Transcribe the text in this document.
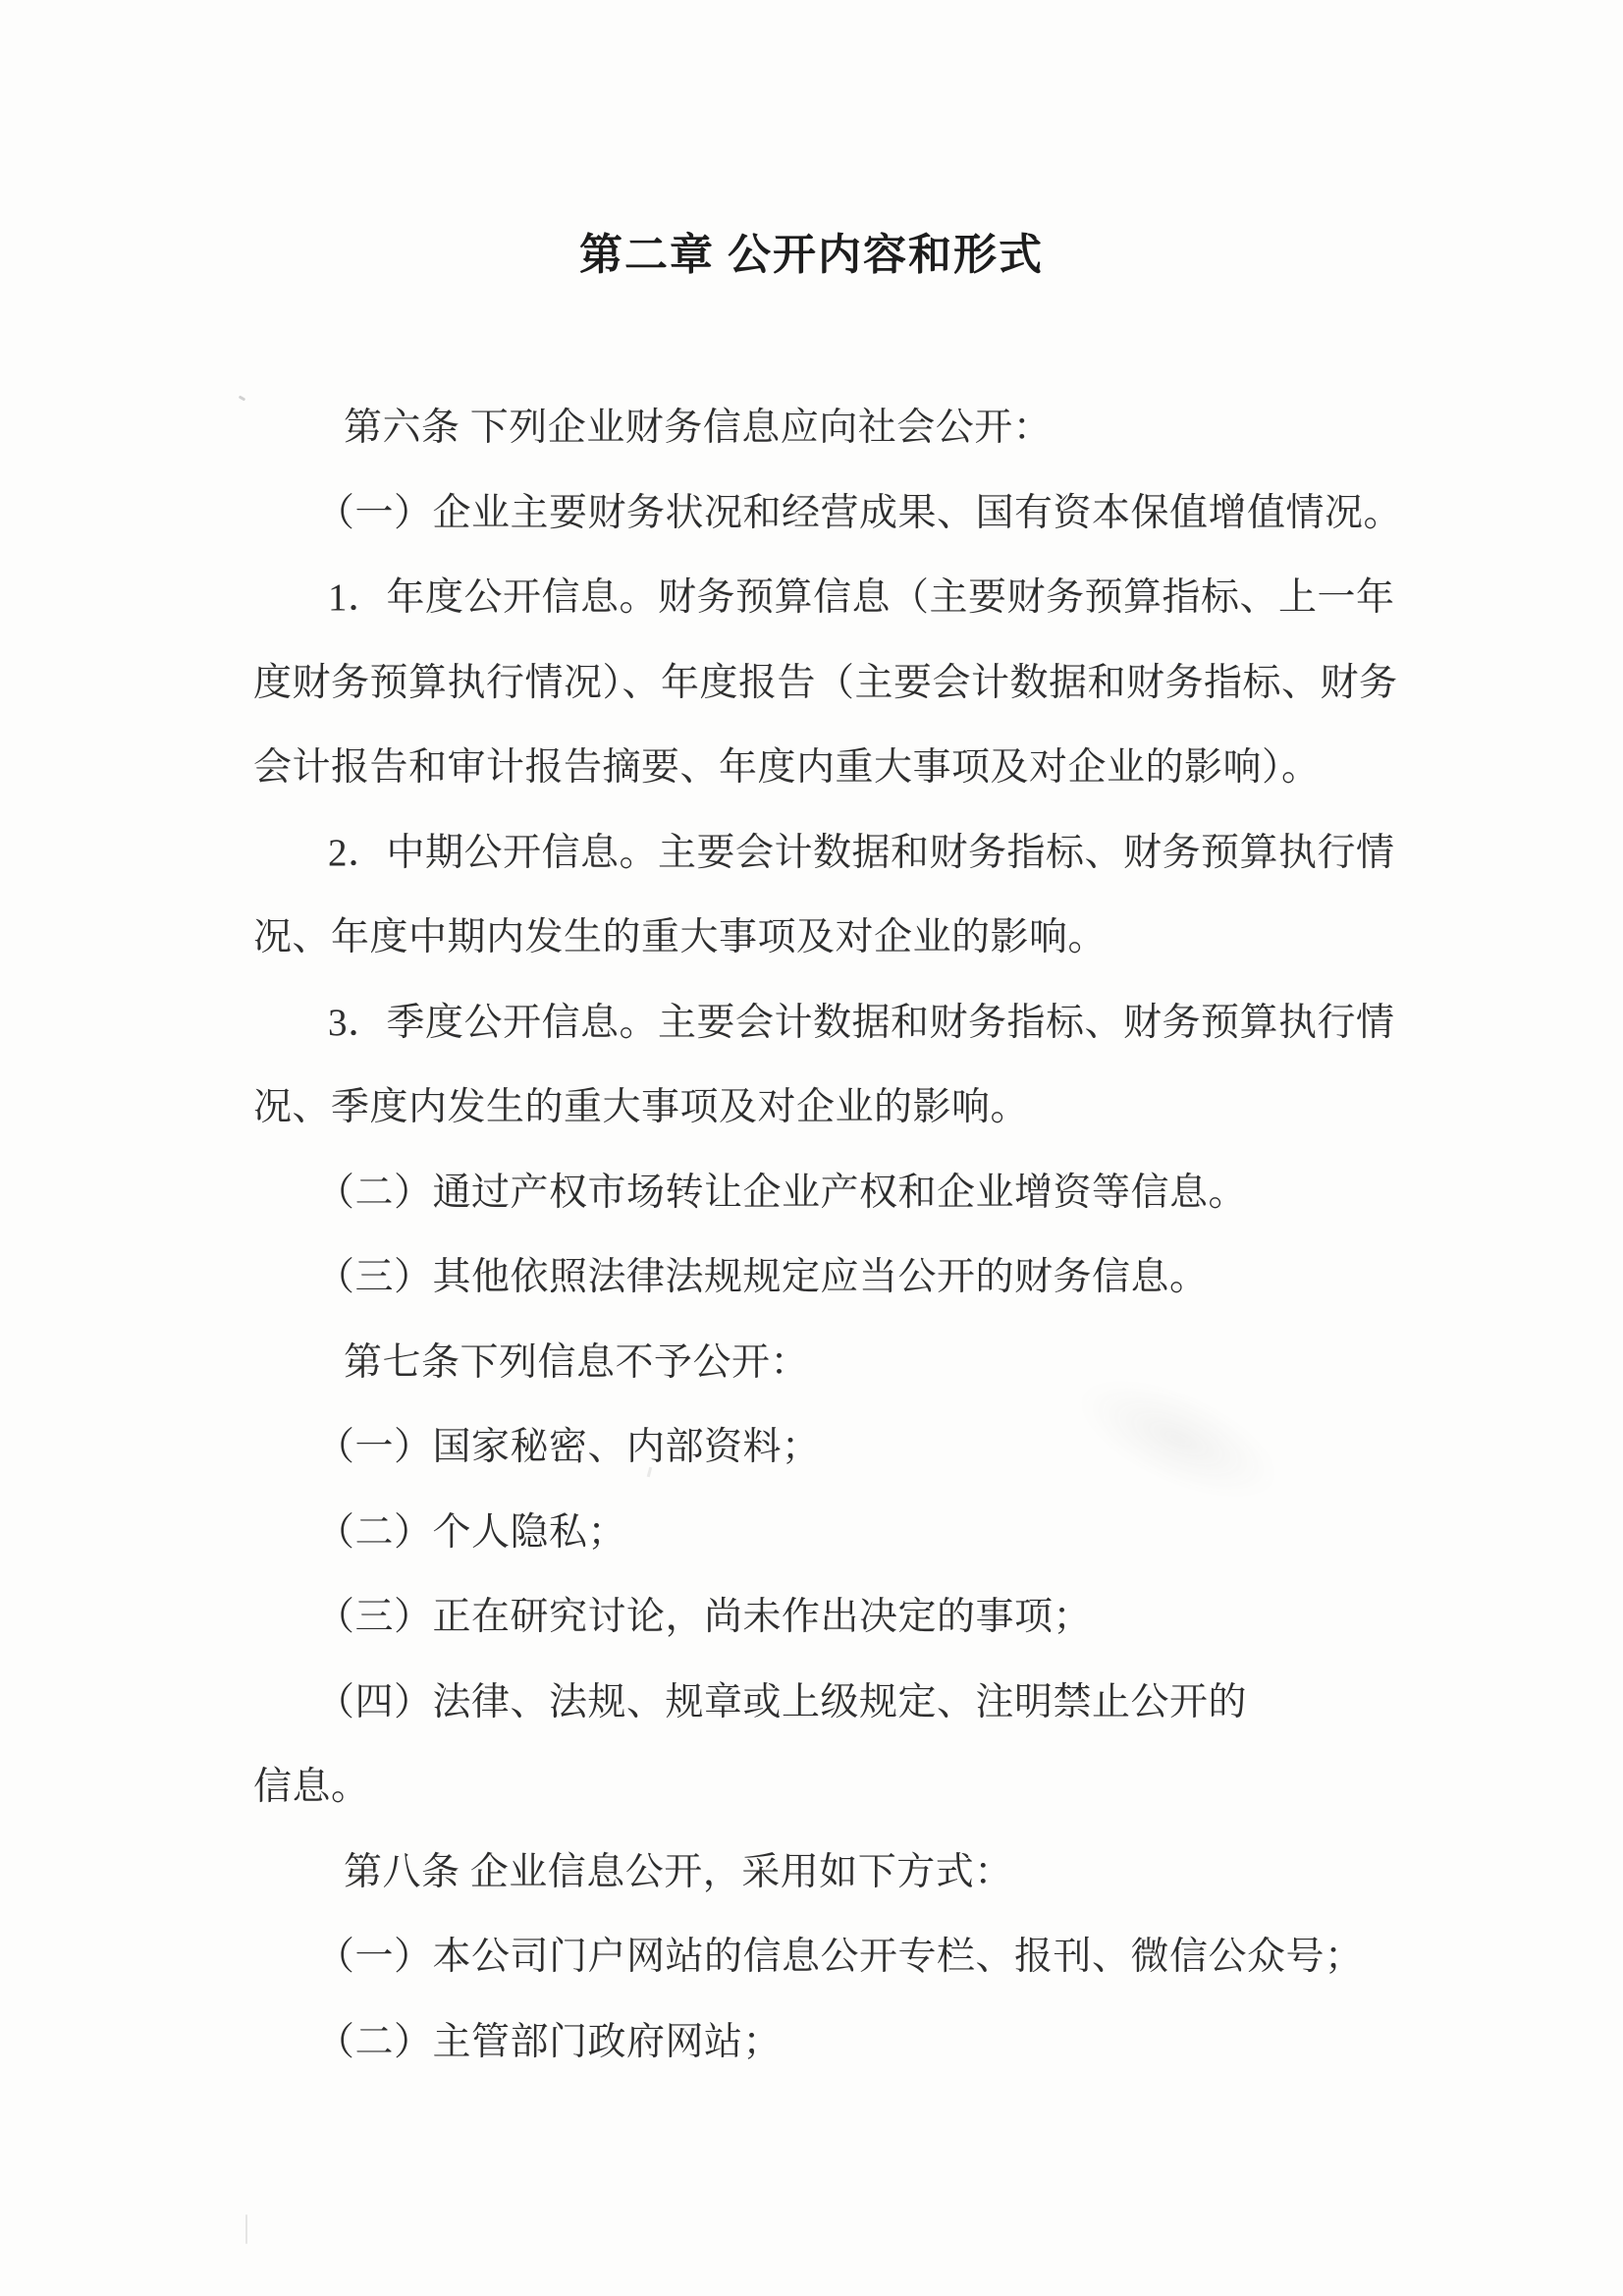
第二章 公开内容和形式
第六条 下列企业财务信息应向社会公开：
（一）企业主要财务状况和经营成果、国有资本保值增值情况。
1．年度公开信息。财务预算信息（主要财务预算指标、上一年
度财务预算执行情况）、年度报告（主要会计数据和财务指标、财务
会计报告和审计报告摘要、年度内重大事项及对企业的影响）。
2．中期公开信息。主要会计数据和财务指标、财务预算执行情
况、年度中期内发生的重大事项及对企业的影响。
3．季度公开信息。主要会计数据和财务指标、财务预算执行情
况、季度内发生的重大事项及对企业的影响。
（二）通过产权市场转让企业产权和企业增资等信息。
（三）其他依照法律法规规定应当公开的财务信息。
第七条下列信息不予公开：
（一）国家秘密、内部资料；
（二）个人隐私；
（三）正在研究讨论，尚未作出决定的事项；
（四）法律、法规、规章或上级规定、注明禁止公开的
信息。
第八条 企业信息公开，采用如下方式：
（一）本公司门户网站的信息公开专栏、报刊、微信公众号；
（二）主管部门政府网站；
